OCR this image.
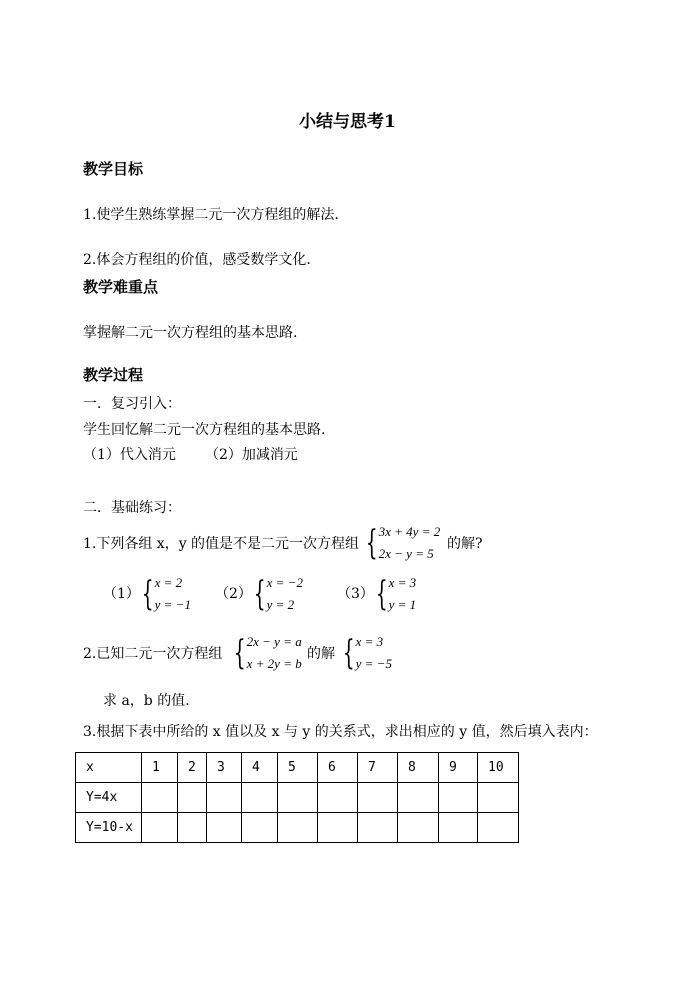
小结与思考1
教学目标
1.使学生熟练掌握二元一次方程组的解法.
2.体会方程组的价值，感受数学文化.
教学难重点
掌握解二元一次方程组的基本思路.
教学过程
一．复习引入：
学生回忆解二元一次方程组的基本思路.
（1）代入消元 （2）加减消元
二．基础练习：
1.下列各组 x，y 的值是不是二元一次方程组 { 3x + 4y = 2
2x − y = 5
的解?
（1） { x = 2
y = −1
（2） { x = −2
y = 2
（3） { x = 3
y = 1
2.已知二元一次方程组 { 2x − y = a
x + 2y = b
的解 { x = 3
y = −5
求 a，b 的值.
3.根据下表中所给的 x 值以及 x 与 y 的关系式，求出相应的 y 值，然后填入表内：
x	1	2	3	4	5	6	7	8	9	10
Y=4x										
Y=10-x										
